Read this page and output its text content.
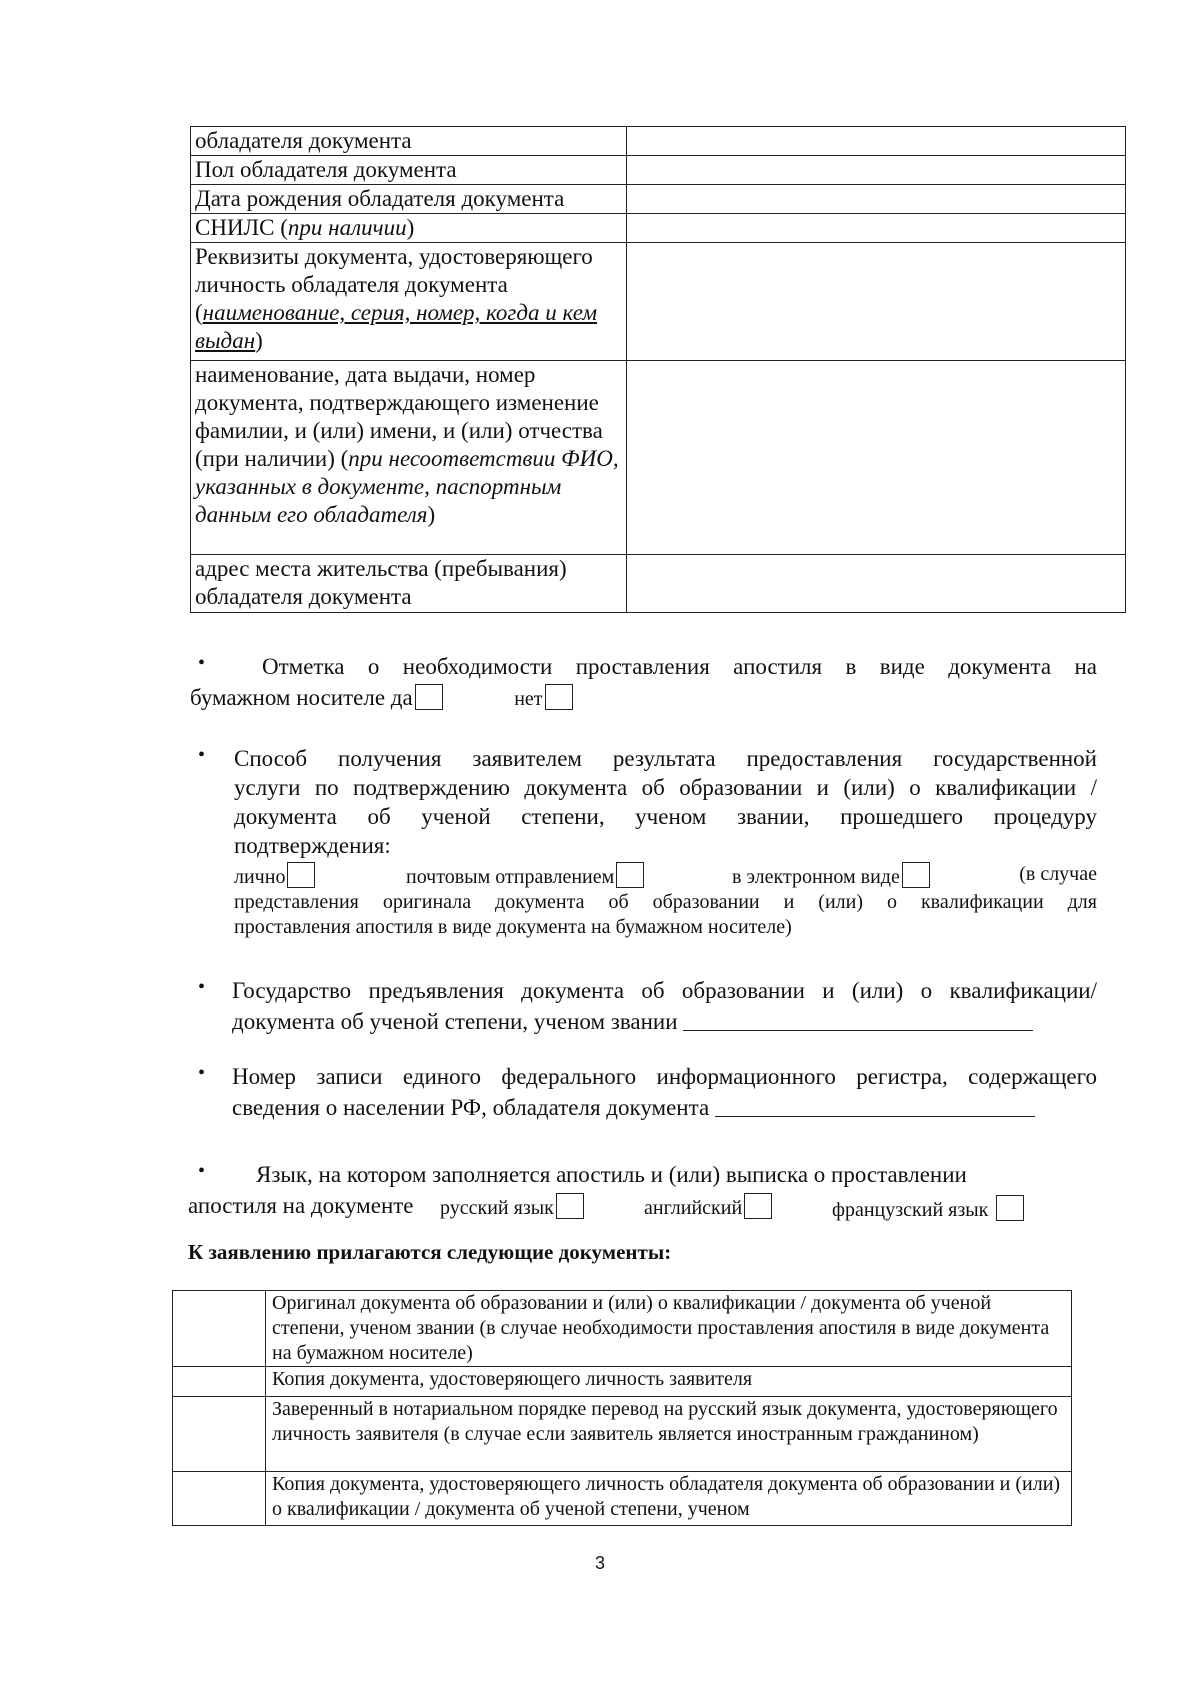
обладателя документа	
Пол обладателя документа	
Дата рождения обладателя документа	
СНИЛС (при наличии)	
Реквизиты документа, удостоверяющего личность обладателя документа (наименование, серия, номер, когда и кем выдан)	
наименование, дата выдачи, номер документа, подтверждающего изменение фамилии, и (или) имени, и (или) отчества (при наличии) (при несоответствии ФИО, указанных в документе, паспортным данным его обладателя)	
адрес места жительства (пребывания) обладателя документа	
•	Отметка о необходимости проставления апостиля в виде документа на
бумажном носителе да	нет
• Способ получения заявителем результата предоставления государственной
услуги по подтверждению документа об образовании и (или) о квалификации /
документа об ученой степени, ученом звании, прошедшего процедуру
подтверждения:
лично	почтовым отправлением	в электронном виде	(в случае
представления оригинала документа об образовании и (или) о квалификации для
проставления апостиля в виде документа на бумажном носителе)
• Государство предъявления документа об образовании и (или) о квалификации/
документа об ученой степени, ученом звании
• Номер записи единого федерального информационного регистра, содержащего
сведения о населении РФ, обладателя документа
•	Язык, на котором заполняется апостиль и (или) выписка о проставлении
апостиля на документе русский язык	английский	французский язык
К заявлению прилагаются следующие документы:
	Оригинал документа об образовании и (или) о квалификации / документа об ученой степени, ученом звании (в случае необходимости проставления апостиля в виде документа на бумажном носителе)
	Копия документа, удостоверяющего личность заявителя
	Заверенный в нотариальном порядке перевод на русский язык документа, удостоверяющего личность заявителя (в случае если заявитель является иностранным гражданином)
	Копия документа, удостоверяющего личность обладателя документа об образовании и (или) о квалификации / документа об ученой степени, ученом
3
